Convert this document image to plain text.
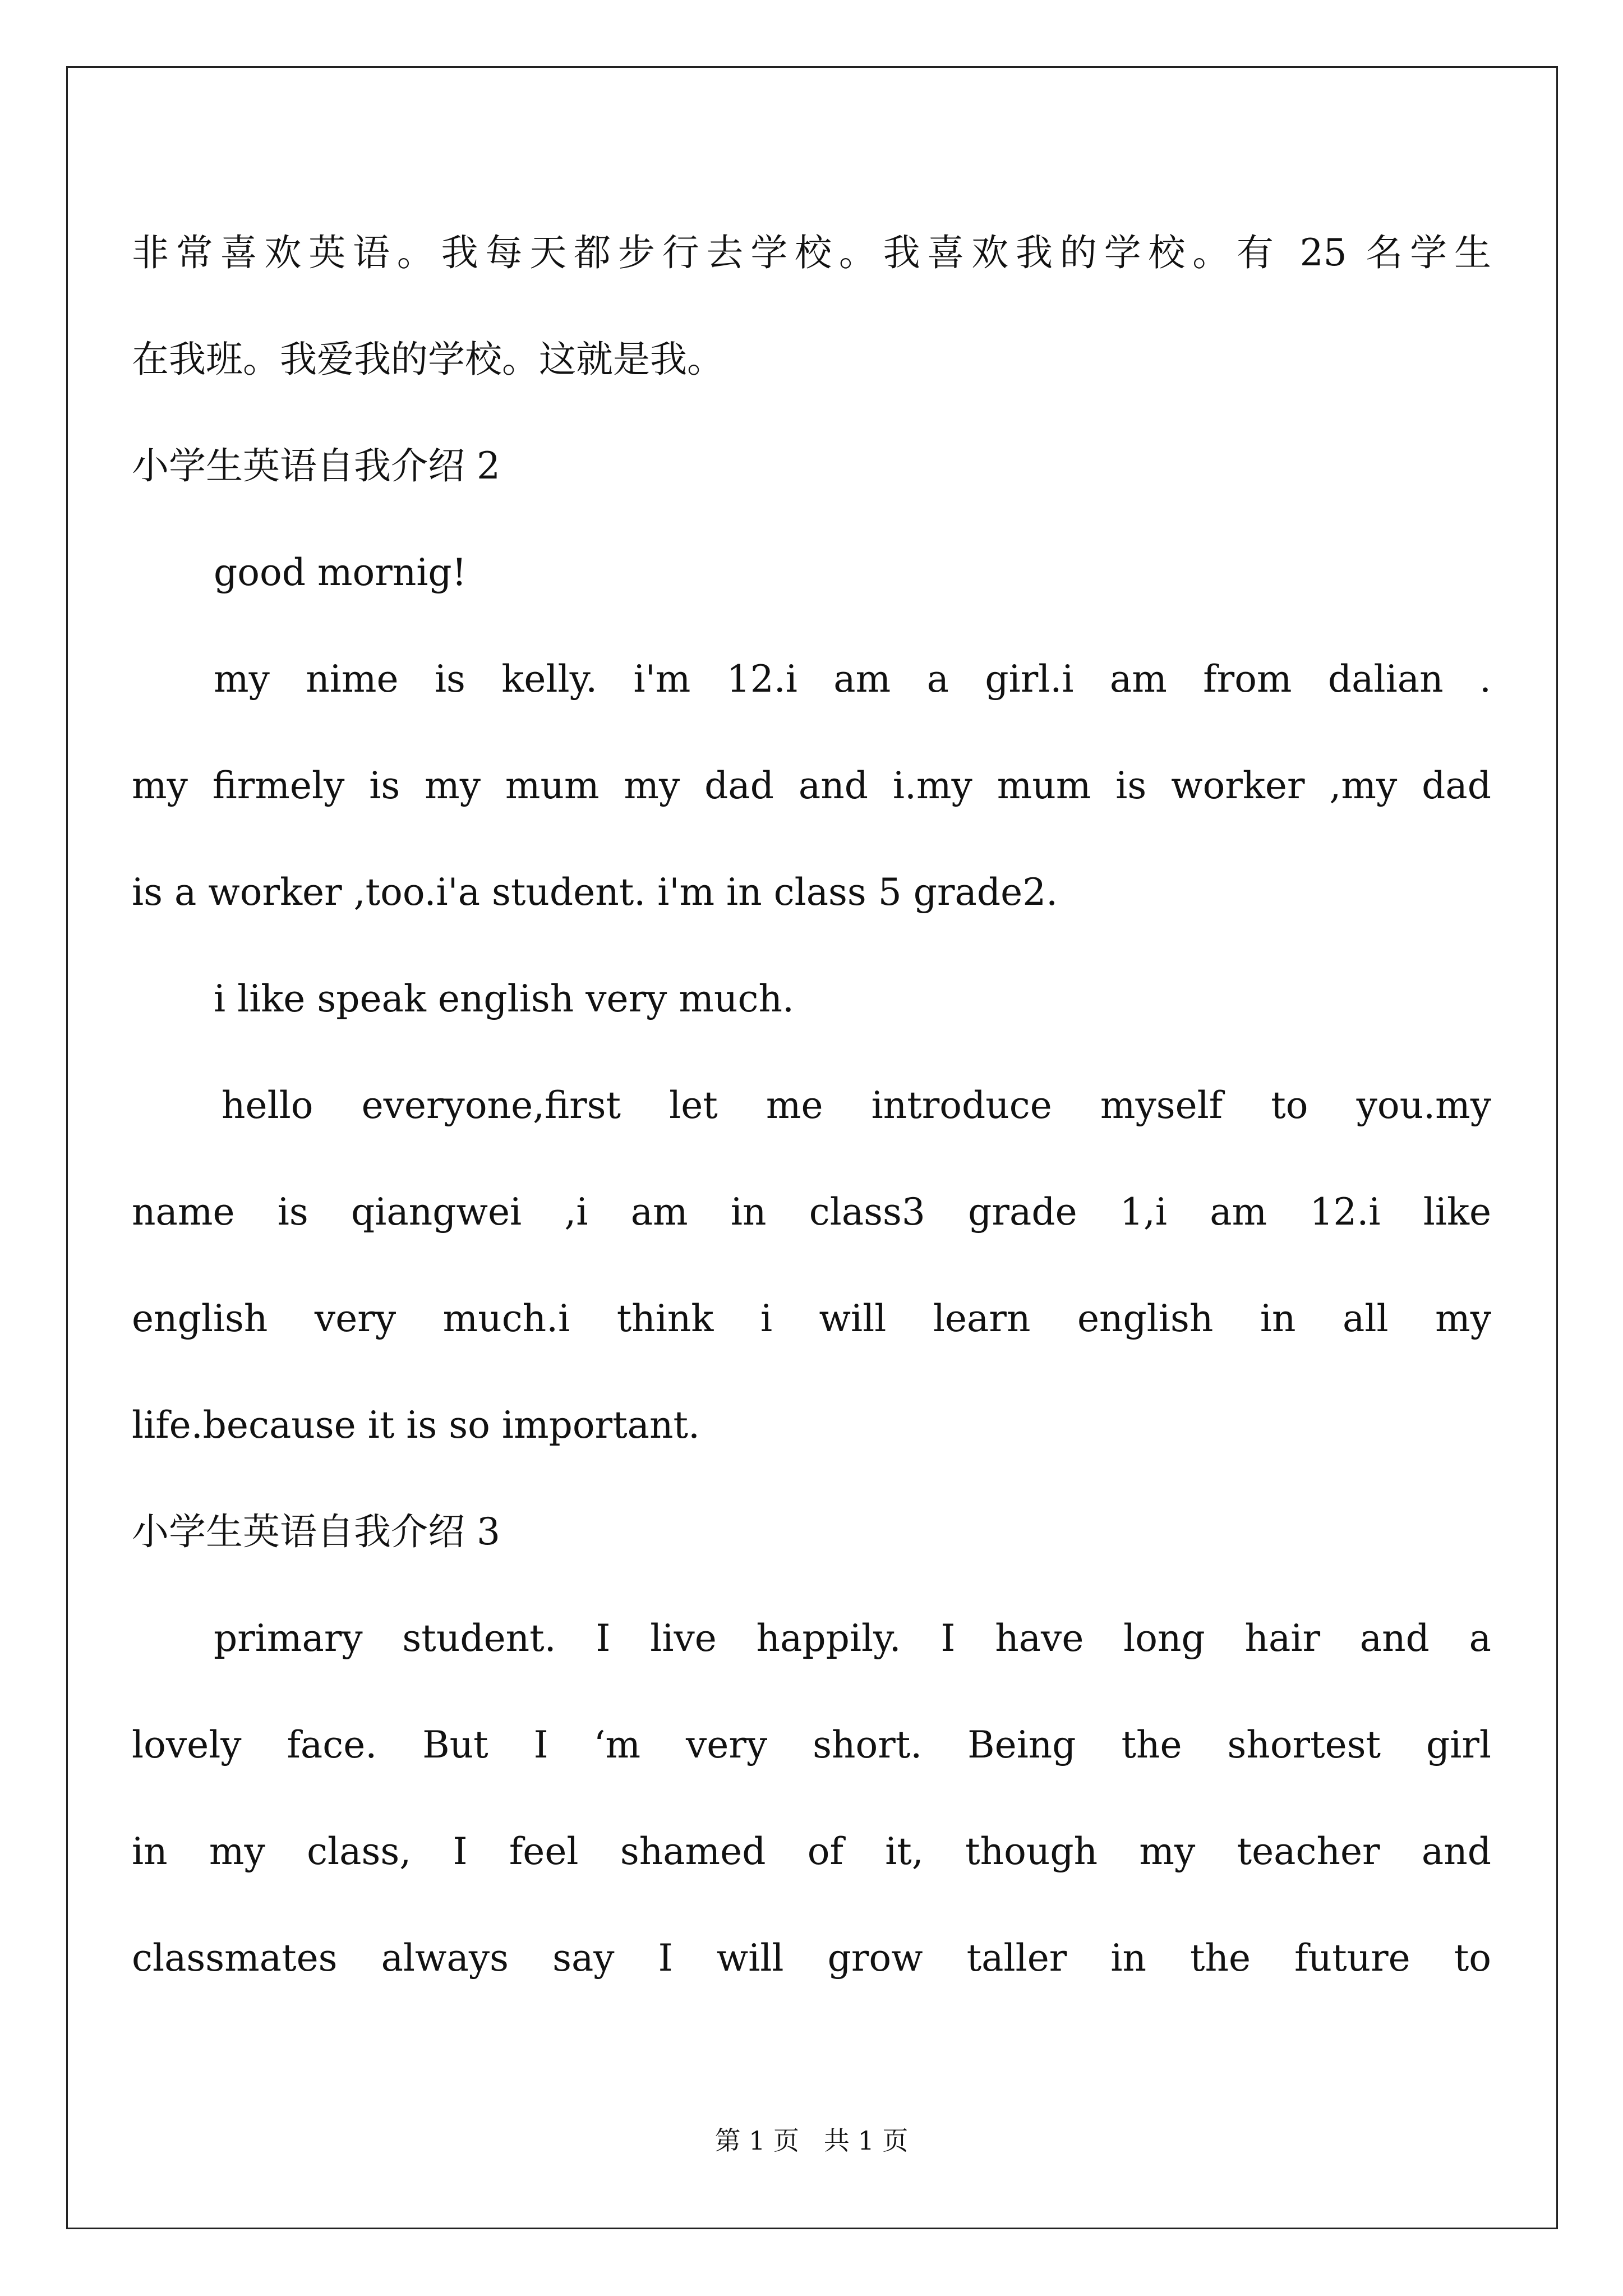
非常喜欢英语。我每天都步行去学校。我喜欢我的学校。有 25 名学生
在我班。我爱我的学校。这就是我。
小学生英语自我介绍 2
good mornig!
my nime is kelly. i'm 12.i am a girl.i am from dalian .
my firmely is my mum my dad and i.my mum is worker ,my dad
is a worker ,too.i'a student. i'm in class 5 grade2.
i like speak english very much.
hello everyone,first let me introduce myself to you.my
name is qiangwei ,i am in class3 grade 1,i am 12.i like
english very much.i think i will learn english in all my
life.because it is so important.
小学生英语自我介绍 3
primary student. I live happily. I have long hair and a
lovely face. But I ‘m very short. Being the shortest girl
in my class, I feel shamed of it, though my teacher and
classmates always say I will grow taller in the future to
第 1 页   共 1 页
